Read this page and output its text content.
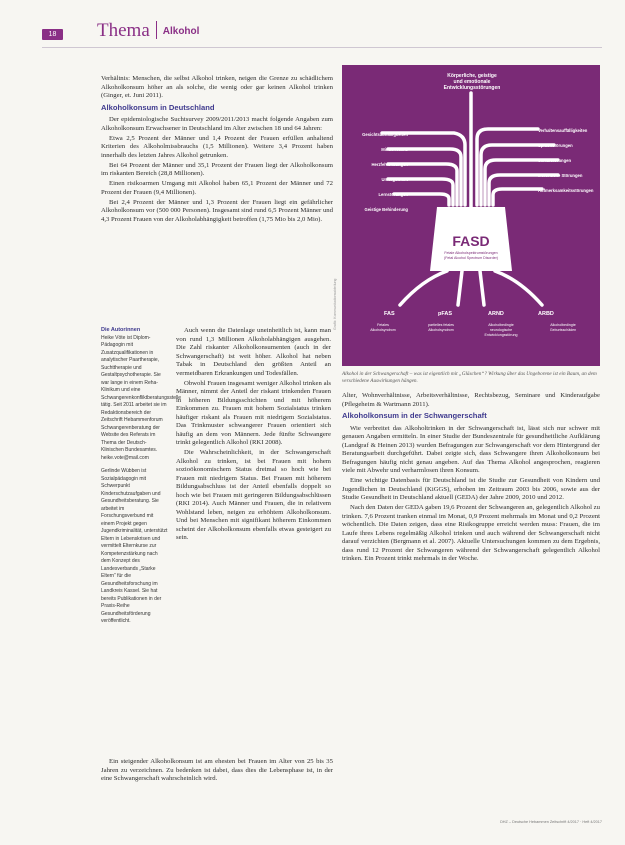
18	Thema Alkohol

Verhältnis: Menschen, die selbst Alkohol trinken, neigen die Grenze zu schädlichem Alkoholkonsum höher an als solche, die wenig oder gar keinen Alkohol trinken (Ginger, et. Juni 2011).

Alkoholkonsum in Deutschland

Der epidemiologische Suchtsurvey 2009/2011/2013 macht folgende Angaben zum Alkoholkonsum Erwachsener in Deutschland im Alter zwischen 18 und 64 Jahren:

Etwa 2,5 Prozent der Männer und 1,4 Prozent der Frauen erfüllen anhaltend Kriterien des Alkoholmissbrauchs (1,5 Millionen). Weitere 3,4 Prozent haben innerhalb des letzten Jahres Alkohol getrunken.

Bei 64 Prozent der Männer und 35,1 Prozent der Frauen liegt der Alkoholkonsum im riskanten Bereich (28,8 Millionen).

Einen risikoarmen Umgang mit Alkohol haben 65,1 Prozent der Männer und 72 Prozent der Frauen (9,4 Millionen).

Bei 2,4 Prozent der Männer und 1,3 Prozent der Frauen liegt ein gefährlicher Alkoholkonsum vor (500 000 Personen). Insgesamt sind rund 6,5 Prozent Männer und 4,3 Prozent Frauen von der Alkoholabhängigkeit betroffen (1,75 Mio bis 2,0 Mio).

Die Autorinnen
Heike Vöte ist Diplom-Pädagogin mit Zusatzqualifikationen in analytischer Paartherapie, Suchttherapie und Gestaltpsychotherapie. Sie war lange in einem Reha-Klinikum und eine Schwangerenkonfliktberatungsstelle tätig. Seit 2011 arbeitet sie im Redaktionsbereich der Zeitschrift Hebammenforum Schwangerenberatung der Website des Referats im Thema der Deutsch-Klinischen Bundesamtes.
heike.vote@mail.com

Gerlinde Wübben ist Sozialpädagogin mit Schwerpunkt Kinderschutzaufgaben und Gesundheitsberatung. Sie arbeitet im Forschungsverbund mit einem Projekt gegen Jugendkriminalität, unterstützt Eltern in Lebenskrisen und vermittelt Elternkurse zur Kompetenzstärkung nach dem Konzept des Landesverbands „Starke Eltern“ für die Gesundheitsforschung im Landkreis Kassel. Sie hat bereits Publikationen in der Praxis-Reihe Gesundheitsförderung veröffentlicht.

Auch wenn die Datenlage uneinheitlich ist, kann man von rund 1,3 Millionen Alkoholabhängigen ausgehen. Die Zahl riskanter Alkoholkonsumenten (auch in der Schwangerschaft) ist weit höher. Alkohol hat neben Tabak in Deutschland den größten Anteil an vermeidbaren Erkrankungen und Todesfällen.

Obwohl Frauen insgesamt weniger Alkohol trinken als Männer, nimmt der Anteil der riskant trinkenden Frauen in höheren Bildungsschichten und mit höherem Einkommen zu. Frauen mit hohem Sozialstatus trinken häufiger riskant als Frauen mit niedrigem Sozialstatus. Das Trinkmuster schwangerer Frauen orientiert sich häufig an dem von Männern. Jede fünfte Schwangere trinkt gelegentlich Alkohol (RKI 2008).

Die Wahrscheinlichkeit, in der Schwangerschaft Alkohol zu trinken, ist bei Frauen mit hohem sozioökonomischem Status dreimal so hoch wie bei Frauen mit niedrigem Status. Bei Frauen mit höherem Bildungsabschluss ist der Anteil ebenfalls doppelt so hoch wie bei Frauen mit geringeren Bildungsabschlüssen (RKI 2014). Auch Männer und Frauen, die in relativem Wohlstand leben, neigen zu erhöhtem Alkoholkonsum. Und bei Menschen mit signifikant höherem Einkommen scheint der Alkoholkonsum ebenfalls etwas gesteigert zu sein.

Ein steigender Alkoholkonsum ist am ehesten bei Frauen im Alter von 25 bis 35 Jahren zu verzeichnen. Zu bedenken ist dabei, dass dies die Lebensphase ist, in der eine Schwangerschaft wahrscheinlich wird.

Grafik: Kommunikationsabteilung
Körperliche, geistige
und emotionale
Entwicklungsstörungen
Gesichtsauffälligkeiten
Minderwuchs
Herzfehlbildungen
Untergewicht
Lernstörungen
Geistige Behinderung
Verhaltensauffälligkeiten
Sprachstörungen
Schlafstörungen
Motorische Störungen
Aufmerksamkeitsstörungen
FASD
Fetale Alkoholspektrumstörungen
(Fetal Alcohol Spectrum Disorder)
FAS	pFAS	ARND	ARBD
Fetales
Alkoholsyndrom
partielles fetales
Alkoholsyndrom
Alkoholbedingte
neurologische
Entwicklungsstörung
Alkoholbedingte
Geburtsschäden
Alkohol in der Schwangerschaft – was ist eigentlich mit „Gläschen“? Wirkung über das Ungeborene ist ein Baum, an dem verschiedene Auswirkungen hängen.

Alter, Wohnverhältnisse, Arbeitsverhältnisse, Rechtsbezug, Seminare und Kinderaufgabe (Pflegeheim & Wartmann 2011).

Alkoholkonsum in der Schwangerschaft

Wie verbreitet das Alkoholtrinken in der Schwangerschaft ist, lässt sich nur schwer mit genauen Angaben ermitteln. In einer Studie der Bundeszentrale für gesundheitliche Aufklärung (Landgraf & Heinen 2013) wurden Befragungen zur Schwangerschaft vor dem Hintergrund der Beratungsarbeit durchgeführt. Dabei zeigte sich, dass Schwangere ihren Alkoholkonsum bei Befragungen häufig nicht genau angeben. Auf das Thema Alkohol angesprochen, reagieren viele mit Abwehr und verharmlosen ihren Konsum.

Eine wichtige Datenbasis für Deutschland ist die Studie zur Gesundheit von Kindern und Jugendlichen in Deutschland (KiGGS), erhoben im Zeitraum 2003 bis 2006, sowie aus der Studie Gesundheit in Deutschland aktuell (GEDA) der Jahre 2009, 2010 und 2012.

Nach den Daten der GEDA gaben 19,6 Prozent der Schwangeren an, gelegentlich Alkohol zu trinken. 7,6 Prozent tranken einmal im Monat, 0,9 Prozent mehrmals im Monat und 0,2 Prozent wöchentlich. Die Daten zeigen, dass eine Risikogruppe erreicht werden muss: Frauen, die im Laufe ihres Lebens regelmäßig Alkohol trinken und auch während der Schwangerschaft nicht darauf verzichten (Bergmann et al. 2007). Aktuelle Untersuchungen kommen zu dem Ergebnis, dass rund 12 Prozent der Schwangeren während der Schwangerschaft gelegentlich Alkohol trinken. Ein Prozent trinkt mehrmals in der Woche.

DHZ – Deutsche Hebammen Zeitschrift 4/2017 · Heft 4/2017
